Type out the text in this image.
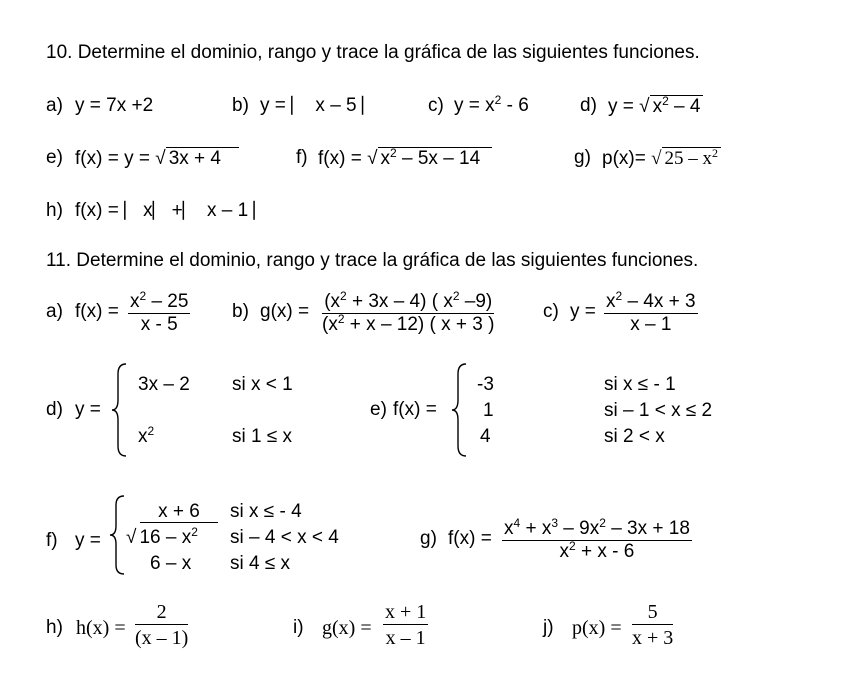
10. Determine el dominio, rango y trace la gráfica de las siguientes funciones.
a) y = 7x +2	b) y = ⎸ x – 5 ⎸ c) $y = x^2 - 6$	d) y = √ $x^2 - 4$
e) f(x) = y = √ 3x + 4	f) f(x) = √ $x^2 - 5x - 14$	g) p(x)= √ $25 - x^2$
h) f(x) = ⎸x⎸+⎸ x – 1 ⎸
11. Determine el dominio, rango y trace la gráfica de las siguientes funciones.
a) $f(x) = \frac{x^2 - 25}{x - 5} b$) $g(x) = \frac{(x^2 + 3x - 4) ( x^2 -9)}{(x^2 + x - 12) ( x + 3 )}$	c) $y = \frac{x^2 - 4x + 3}{x - 1}$
d) y =
3x – 2 si x < 1
$x^2$	si 1 ≤ x
e) f(x) =
-3	si x ≤ - 1
1	si – 1 < x ≤ 2
4	si 2 < x
f) y =
x + 6	si x ≤ - 4
√ $16 - x^2$ si – 4 < x < 4
6 – x si 4 ≤ x
g) $f(x) = \frac{x^4 + x^3 - 9x^2 - 3x + 18}{x^2 + x - 6}$
h) $h(x) = \frac{2}{(x - 1)}$	i) $g(x) = \frac{x + 1}{x - 1}$	j) $p(x) = \frac{5}{x + 3}$
